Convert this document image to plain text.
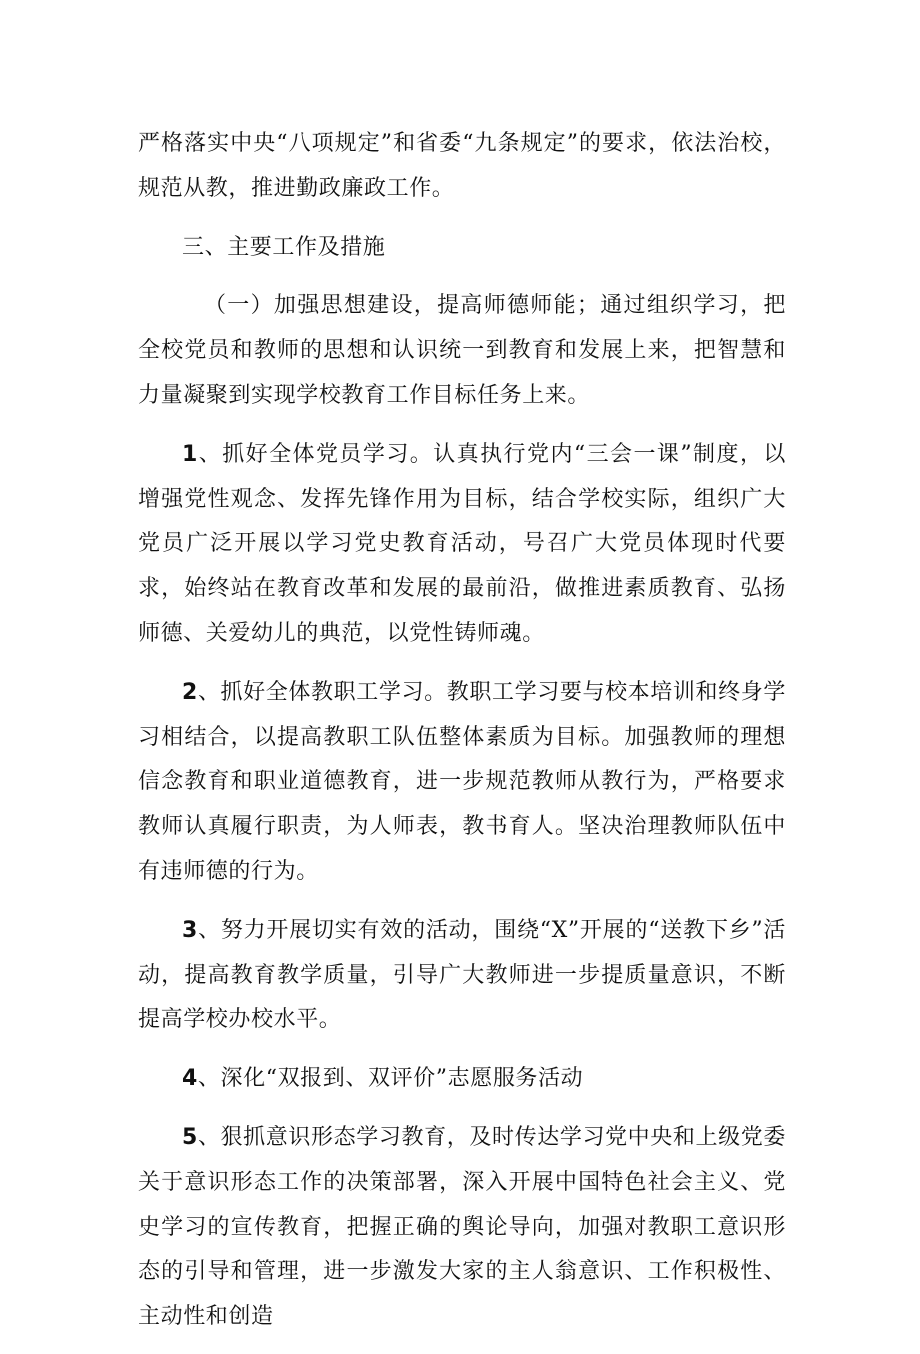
严格落实中央“八项规定”和省委“九条规定”的要求，依法治校，规范从教，推进勤政廉政工作。

三、主要工作及措施

（一）加强思想建设，提高师德师能；通过组织学习，把全校党员和教师的思想和认识统一到教育和发展上来，把智慧和力量凝聚到实现学校教育工作目标任务上来。

1、抓好全体党员学习。认真执行党内“三会一课”制度，以增强党性观念、发挥先锋作用为目标，结合学校实际，组织广大党员广泛开展以学习党史教育活动，号召广大党员体现时代要求，始终站在教育改革和发展的最前沿，做推进素质教育、弘扬师德、关爱幼儿的典范，以党性铸师魂。

2、抓好全体教职工学习。教职工学习要与校本培训和终身学习相结合，以提高教职工队伍整体素质为目标。加强教师的理想信念教育和职业道德教育，进一步规范教师从教行为，严格要求教师认真履行职责，为人师表，教书育人。坚决治理教师队伍中有违师德的行为。

3、努力开展切实有效的活动，围绕“X”开展的“送教下乡”活动，提高教育教学质量，引导广大教师进一步提质量意识，不断提高学校办校水平。

4、深化“双报到、双评价”志愿服务活动

5、狠抓意识形态学习教育，及时传达学习党中央和上级党委关于意识形态工作的决策部署，深入开展中国特色社会主义、党史学习的宣传教育，把握正确的舆论导向，加强对教职工意识形态的引导和管理，进一步激发大家的主人翁意识、工作积极性、主动性和创造
